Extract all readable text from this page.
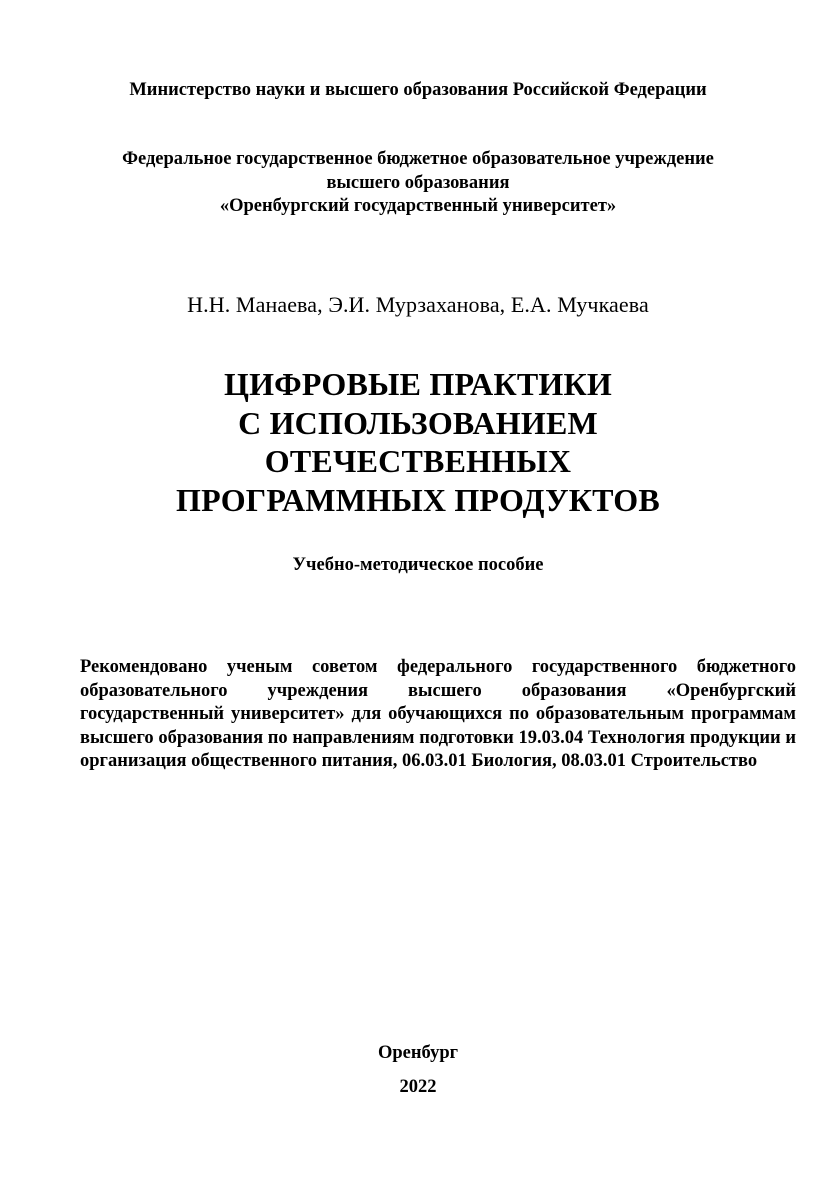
Министерство науки и высшего образования Российской Федерации
Федеральное государственное бюджетное образовательное учреждение
высшего образования
«Оренбургский государственный университет»
Н.Н. Манаева, Э.И. Мурзаханова, Е.А. Мучкаева
ЦИФРОВЫЕ ПРАКТИКИ
С ИСПОЛЬЗОВАНИЕМ
ОТЕЧЕСТВЕННЫХ
ПРОГРАММНЫХ ПРОДУКТОВ
Учебно-методическое пособие
Рекомендовано ученым советом федерального государственного бюджетного
образовательного учреждения высшего образования «Оренбургский
государственный университет» для обучающихся по образовательным программам
высшего образования по направлениям подготовки 19.03.04 Технология продукции и
организация общественного питания, 06.03.01 Биология, 08.03.01 Строительство
Оренбург
2022
